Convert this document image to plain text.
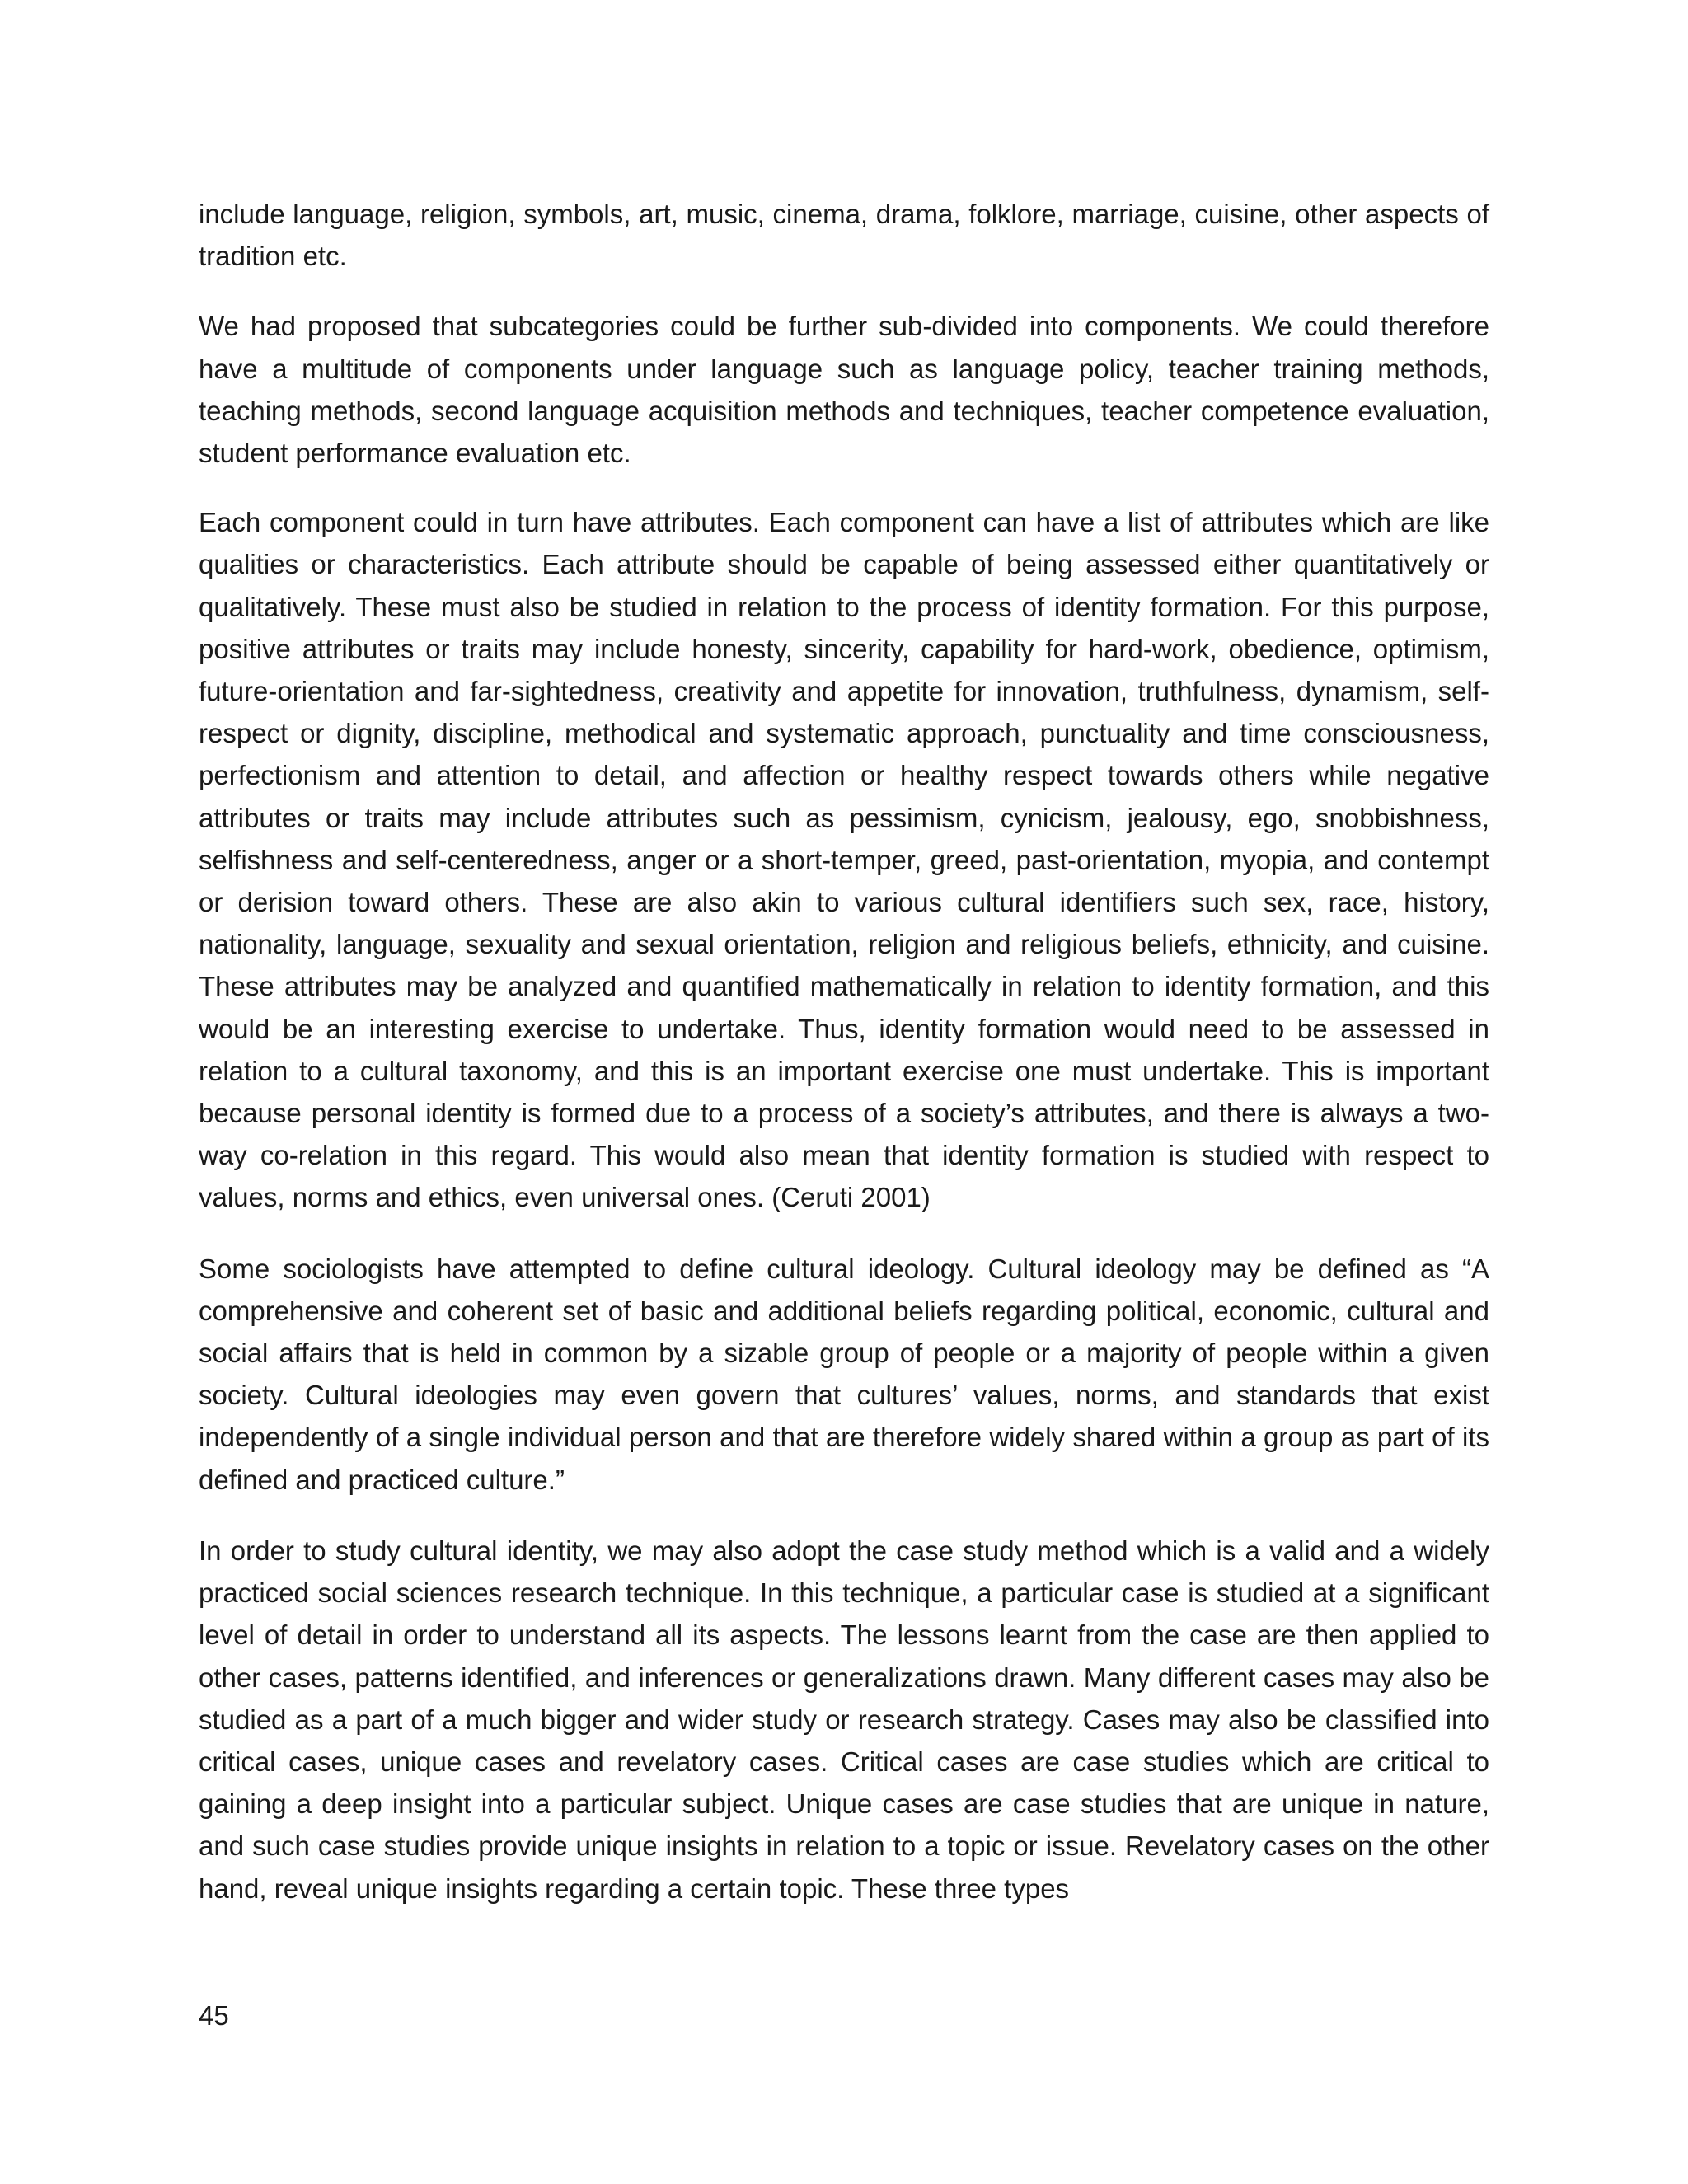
include language, religion, symbols, art, music, cinema, drama, folklore, marriage, cuisine, other aspects of tradition etc.

We had proposed that subcategories could be further sub-divided into components. We could therefore have a multitude of components under language such as language policy, teacher training methods, teaching methods, second language acquisition methods and techniques, teacher competence evaluation, student performance evaluation etc.

Each component could in turn have attributes. Each component can have a list of attributes which are like qualities or characteristics. Each attribute should be capable of being assessed either quantitatively or qualitatively. These must also be studied in relation to the process of identity formation. For this purpose, positive attributes or traits may include honesty, sincerity, capability for hard-work, obedience, optimism, future-orientation and far-sightedness, creativity and appetite for innovation, truthfulness, dynamism, self-respect or dignity, discipline, methodical and systematic approach, punctuality and time consciousness, perfectionism and attention to detail, and affection or healthy respect towards others while negative attributes or traits may include attributes such as pessimism, cynicism, jealousy, ego, snobbishness, selfishness and self-centeredness, anger or a short-temper, greed, past-orientation, myopia, and contempt or derision toward others. These are also akin to various cultural identifiers such sex, race, history, nationality, language, sexuality and sexual orientation, religion and religious beliefs, ethnicity, and cuisine. These attributes may be analyzed and quantified mathematically in relation to identity formation, and this would be an interesting exercise to undertake. Thus, identity formation would need to be assessed in relation to a cultural taxonomy, and this is an important exercise one must undertake. This is important because personal identity is formed due to a process of a society’s attributes, and there is always a two-way co-relation in this regard. This would also mean that identity formation is studied with respect to values, norms and ethics, even universal ones. (Ceruti 2001)

Some sociologists have attempted to define cultural ideology. Cultural ideology may be defined as “A comprehensive and coherent set of basic and additional beliefs regarding political, economic, cultural and social affairs that is held in common by a sizable group of people or a majority of people within a given society. Cultural ideologies may even govern that cultures’ values, norms, and standards that exist independently of a single individual person and that are therefore widely shared within a group as part of its defined and practiced culture.”

In order to study cultural identity, we may also adopt the case study method which is a valid and a widely practiced social sciences research technique. In this technique, a particular case is studied at a significant level of detail in order to understand all its aspects. The lessons learnt from the case are then applied to other cases, patterns identified, and inferences or generalizations drawn. Many different cases may also be studied as a part of a much bigger and wider study or research strategy. Cases may also be classified into critical cases, unique cases and revelatory cases. Critical cases are case studies which are critical to gaining a deep insight into a particular subject. Unique cases are case studies that are unique in nature, and such case studies provide unique insights in relation to a topic or issue. Revelatory cases on the other hand, reveal unique insights regarding a certain topic. These three types

45
